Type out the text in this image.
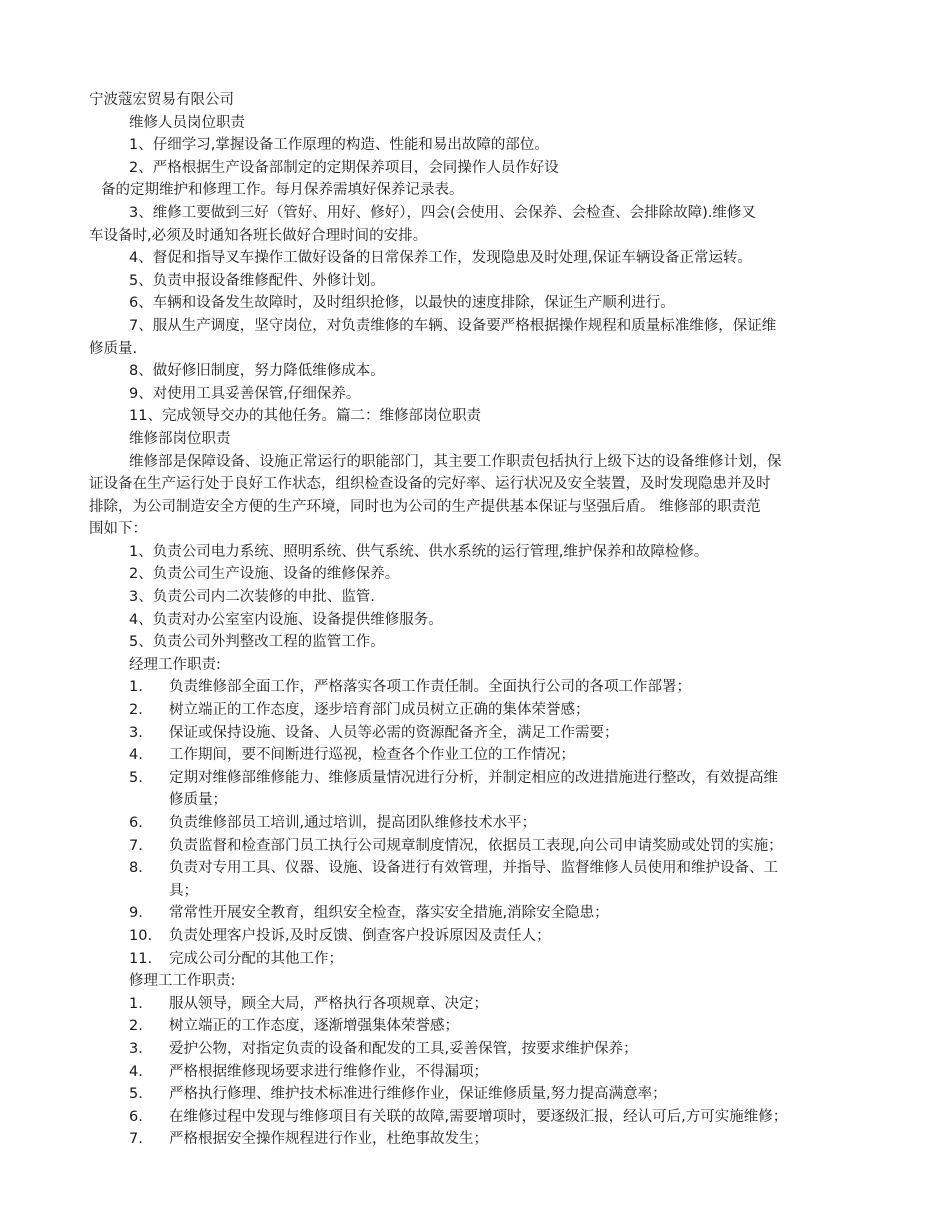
宁波蔻宏贸易有限公司
维修人员岗位职责
1、仔细学习,掌握设备工作原理的构造、性能和易出故障的部位。
2、严格根据生产设备部制定的定期保养项目，会同操作人员作好设
备的定期维护和修理工作。每月保养需填好保养记录表。
3、维修工要做到三好（管好、用好、修好），四会(会使用、会保养、会检查、会排除故障).维修叉
车设备时,必须及时通知各班长做好合理时间的安排。
4、督促和指导叉车操作工做好设备的日常保养工作，发现隐患及时处理,保证车辆设备正常运转。
5、负责申报设备维修配件、外修计划。
6、车辆和设备发生故障时，及时组织抢修，以最快的速度排除，保证生产顺利进行。
7、服从生产调度，坚守岗位，对负责维修的车辆、设备要严格根据操作规程和质量标准维修，保证维
修质量.
8、做好修旧制度，努力降低维修成本。
9、对使用工具妥善保管,仔细保养。
11、完成领导交办的其他任务。篇二：维修部岗位职责
维修部岗位职责
维修部是保障设备、设施正常运行的职能部门，其主要工作职责包括执行上级下达的设备维修计划，保
证设备在生产运行处于良好工作状态，组织检查设备的完好率、运行状况及安全装置，及时发现隐患并及时
排除，为公司制造安全方便的生产环境，同时也为公司的生产提供基本保证与坚强后盾。 维修部的职责范
围如下：
1、负责公司电力系统、照明系统、供气系统、供水系统的运行管理,维护保养和故障检修。
2、负责公司生产设施、设备的维修保养。
3、负责公司内二次装修的申批、监管.
4、负责对办公室室内设施、设备提供维修服务。
5、负责公司外判整改工程的监管工作。
经理工作职责:
1.	负责维修部全面工作，严格落实各项工作责任制。全面执行公司的各项工作部署；
2.	树立端正的工作态度，逐步培育部门成员树立正确的集体荣誉感；
3.	保证或保持设施、设备、人员等必需的资源配备齐全，满足工作需要；
4.	工作期间，要不间断进行巡视，检查各个作业工位的工作情况；
5.	定期对维修部维修能力、维修质量情况进行分析，并制定相应的改进措施进行整改，有效提高维
修质量；
6.	负责维修部员工培训,通过培训，提高团队维修技术水平；
7.	负责监督和检查部门员工执行公司规章制度情况，依据员工表现,向公司申请奖励或处罚的实施；
8.	负责对专用工具、仪器、设施、设备进行有效管理，并指导、监督维修人员使用和维护设备、工
具；
9.	常常性开展安全教育，组织安全检查，落实安全措施,消除安全隐患；
10.	负责处理客户投诉,及时反馈、倒查客户投诉原因及责任人；
11.	完成公司分配的其他工作；
修理工工作职责:
1.	服从领导，顾全大局，严格执行各项规章、决定；
2.	树立端正的工作态度，逐渐增强集体荣誉感；
3.	爱护公物，对指定负责的设备和配发的工具,妥善保管，按要求维护保养；
4.	严格根据维修现场要求进行维修作业，不得漏项；
5.	严格执行修理、维护技术标准进行维修作业，保证维修质量,努力提高满意率；
6.	在维修过程中发现与维修项目有关联的故障,需要增项时，要逐级汇报，经认可后,方可实施维修；
7.	严格根据安全操作规程进行作业，杜绝事故发生；
